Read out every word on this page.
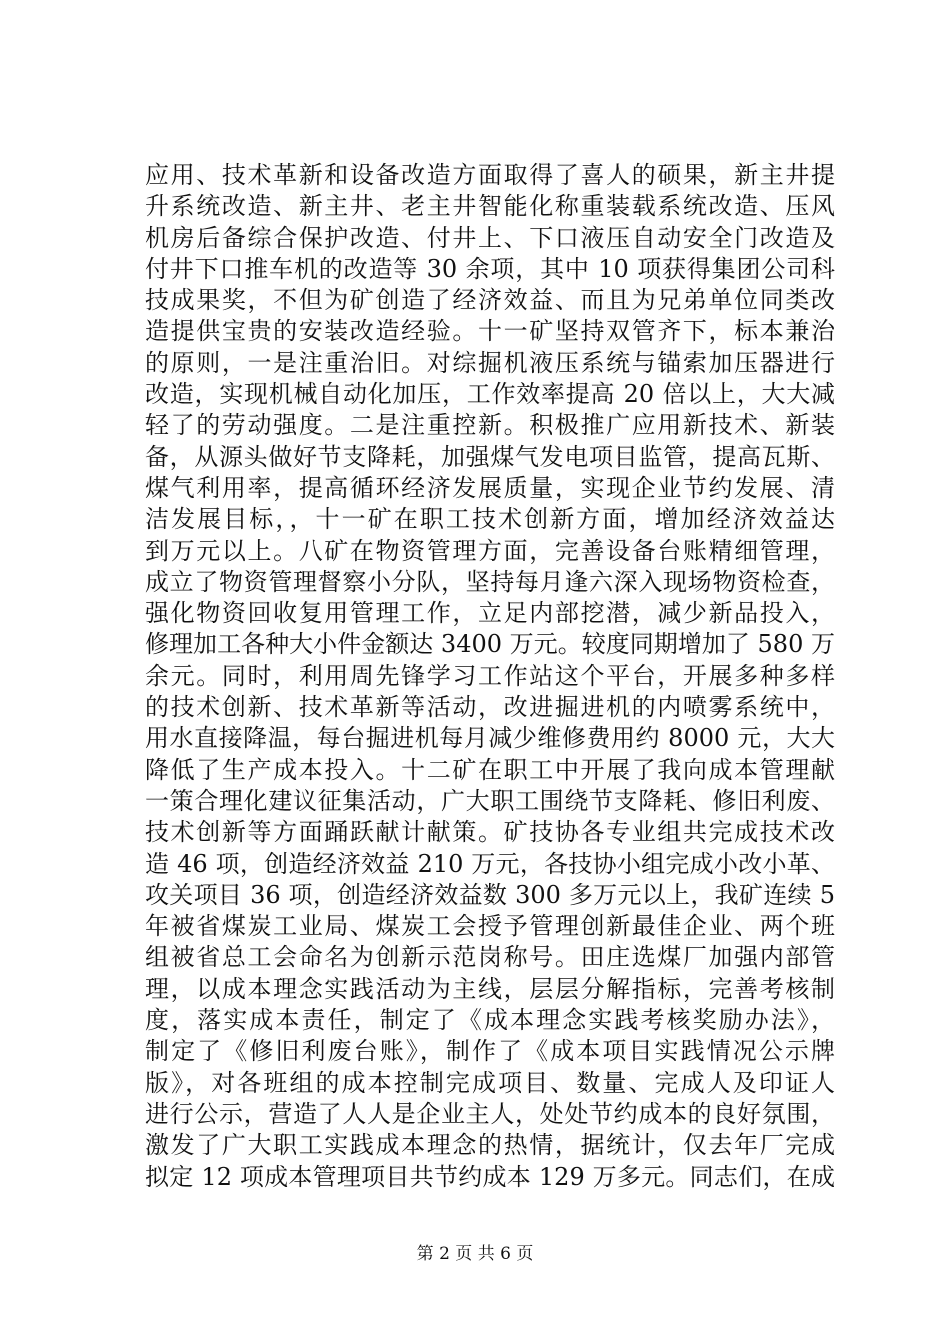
应用、技术革新和设备改造方面取得了喜人的硕果，新主井提
升系统改造、新主井、老主井智能化称重装载系统改造、压风
机房后备综合保护改造、付井上、下口液压自动安全门改造及
付井下口推车机的改造等 30 余项，其中 10 项获得集团公司科
技成果奖，不但为矿创造了经济效益、而且为兄弟单位同类改
造提供宝贵的安装改造经验。十一矿坚持双管齐下，标本兼治
的原则，一是注重治旧。对综掘机液压系统与锚索加压器进行
改造，实现机械自动化加压，工作效率提高 20 倍以上，大大减
轻了的劳动强度。二是注重控新。积极推广应用新技术、新装
备，从源头做好节支降耗，加强煤气发电项目监管，提高瓦斯、
煤气利用率，提高循环经济发展质量，实现企业节约发展、清
洁发展目标，，十一矿在职工技术创新方面，增加经济效益达
到万元以上。八矿在物资管理方面，完善设备台账精细管理，
成立了物资管理督察小分队，坚持每月逢六深入现场物资检查，
强化物资回收复用管理工作，立足内部挖潜，减少新品投入，
修理加工各种大小件金额达 3400 万元。较度同期增加了 580 万
余元。同时，利用周先锋学习工作站这个平台，开展多种多样
的技术创新、技术革新等活动，改进掘进机的内喷雾系统中，
用水直接降温，每台掘进机每月减少维修费用约 8000 元，大大
降低了生产成本投入。十二矿在职工中开展了我向成本管理献
一策合理化建议征集活动，广大职工围绕节支降耗、修旧利废、
技术创新等方面踊跃献计献策。矿技协各专业组共完成技术改
造 46 项，创造经济效益 210 万元，各技协小组完成小改小革、
攻关项目 36 项，创造经济效益数 300 多万元以上，我矿连续 5
年被省煤炭工业局、煤炭工会授予管理创新最佳企业、两个班
组被省总工会命名为创新示范岗称号。田庄选煤厂加强内部管
理，以成本理念实践活动为主线，层层分解指标，完善考核制
度，落实成本责任，制定了《成本理念实践考核奖励办法》，
制定了《修旧利废台账》，制作了《成本项目实践情况公示牌
版》，对各班组的成本控制完成项目、数量、完成人及印证人
进行公示，营造了人人是企业主人，处处节约成本的良好氛围，
激发了广大职工实践成本理念的热情，据统计，仅去年厂完成
拟定 12 项成本管理项目共节约成本 129 万多元。同志们，在成
第 2 页 共 6 页
